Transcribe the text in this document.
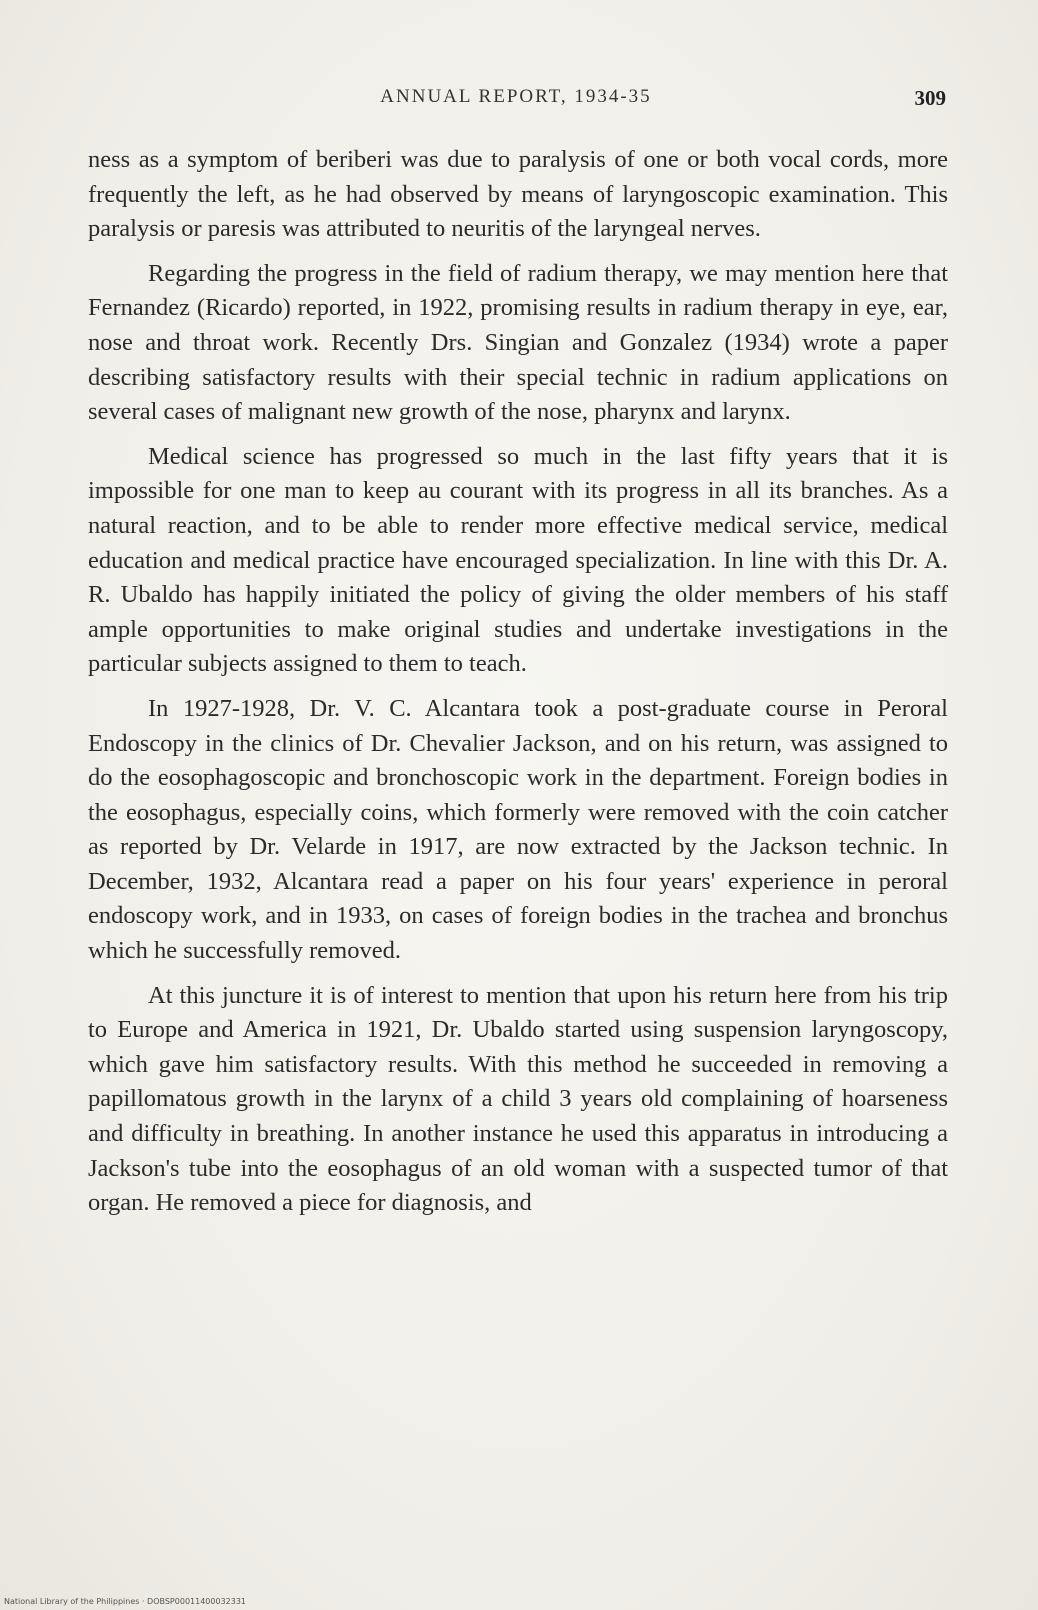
ANNUAL REPORT, 1934-35	309

ness as a symptom of beriberi was due to paralysis of one or both vocal cords, more frequently the left, as he had observed by means of laryngoscopic examination. This paralysis or paresis was attributed to neuritis of the laryngeal nerves.

Regarding the progress in the field of radium therapy, we may mention here that Fernandez (Ricardo) reported, in 1922, promising results in radium therapy in eye, ear, nose and throat work. Recently Drs. Singian and Gonzalez (1934) wrote a paper describing satisfactory results with their special technic in radium applications on several cases of malignant new growth of the nose, pharynx and larynx.

Medical science has progressed so much in the last fifty years that it is impossible for one man to keep au courant with its progress in all its branches. As a natural reaction, and to be able to render more effective medical service, medical education and medical practice have encouraged specialization. In line with this Dr. A. R. Ubaldo has happily initiated the policy of giving the older members of his staff ample opportunities to make original studies and undertake investigations in the particular subjects assigned to them to teach.

In 1927-1928, Dr. V. C. Alcantara took a post-graduate course in Peroral Endoscopy in the clinics of Dr. Chevalier Jackson, and on his return, was assigned to do the eosophagoscopic and bronchoscopic work in the department. Foreign bodies in the eosophagus, especially coins, which formerly were removed with the coin catcher as reported by Dr. Velarde in 1917, are now extracted by the Jackson technic. In December, 1932, Alcantara read a paper on his four years' experience in peroral endoscopy work, and in 1933, on cases of foreign bodies in the trachea and bronchus which he successfully removed.

At this juncture it is of interest to mention that upon his return here from his trip to Europe and America in 1921, Dr. Ubaldo started using suspension laryngoscopy, which gave him satisfactory results. With this method he succeeded in removing a papillomatous growth in the larynx of a child 3 years old complaining of hoarseness and difficulty in breathing. In another instance he used this apparatus in introducing a Jackson's tube into the eosophagus of an old woman with a suspected tumor of that organ. He removed a piece for diagnosis, and

National Library of the Philippines · DOBSP00011400032331
